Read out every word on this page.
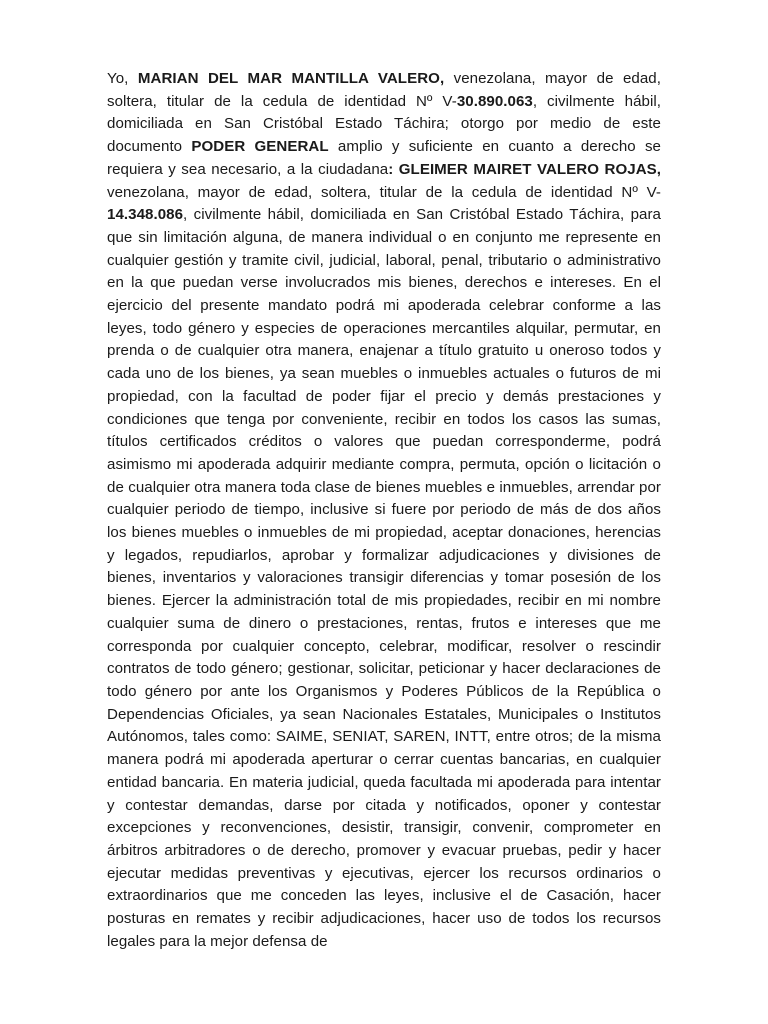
Yo, MARIAN DEL MAR MANTILLA VALERO, venezolana, mayor de edad, soltera, titular de la cedula de identidad Nº V-30.890.063, civilmente hábil, domiciliada en San Cristóbal Estado Táchira; otorgo por medio de este documento PODER GENERAL amplio y suficiente en cuanto a derecho se requiera y sea necesario, a la ciudadana: GLEIMER MAIRET VALERO ROJAS, venezolana, mayor de edad, soltera, titular de la cedula de identidad Nº V-14.348.086, civilmente hábil, domiciliada en San Cristóbal Estado Táchira, para que sin limitación alguna, de manera individual o en conjunto me represente en cualquier gestión y tramite civil, judicial, laboral, penal, tributario o administrativo en la que puedan verse involucrados mis bienes, derechos e intereses. En el ejercicio del presente mandato podrá mi apoderada celebrar conforme a las leyes, todo género y especies de operaciones mercantiles alquilar, permutar, en prenda o de cualquier otra manera, enajenar a título gratuito u oneroso todos y cada uno de los bienes, ya sean muebles o inmuebles actuales o futuros de mi propiedad, con la facultad de poder fijar el precio y demás prestaciones y condiciones que tenga por conveniente, recibir en todos los casos las sumas, títulos certificados créditos o valores que puedan corresponderme, podrá asimismo mi apoderada adquirir mediante compra, permuta, opción o licitación o de cualquier otra manera toda clase de bienes muebles e inmuebles, arrendar por cualquier periodo de tiempo, inclusive si fuere por periodo de más de dos años los bienes muebles o inmuebles de mi propiedad, aceptar donaciones, herencias y legados, repudiarlos, aprobar y formalizar adjudicaciones y divisiones de bienes, inventarios y valoraciones transigir diferencias y tomar posesión de los bienes. Ejercer la administración total de mis propiedades, recibir en mi nombre cualquier suma de dinero o prestaciones, rentas, frutos e intereses que me corresponda por cualquier concepto, celebrar, modificar, resolver o rescindir contratos de todo género; gestionar, solicitar, peticionar y hacer declaraciones de todo género por ante los Organismos y Poderes Públicos de la República o Dependencias Oficiales, ya sean Nacionales Estatales, Municipales o Institutos Autónomos, tales como: SAIME, SENIAT, SAREN, INTT, entre otros; de la misma manera podrá mi apoderada aperturar o cerrar cuentas bancarias, en cualquier entidad bancaria. En materia judicial, queda facultada mi apoderada para intentar y contestar demandas, darse por citada y notificados, oponer y contestar excepciones y reconvenciones, desistir, transigir, convenir, comprometer en árbitros arbitradores o de derecho, promover y evacuar pruebas, pedir y hacer ejecutar medidas preventivas y ejecutivas, ejercer los recursos ordinarios o extraordinarios que me conceden las leyes, inclusive el de Casación, hacer posturas en remates y recibir adjudicaciones, hacer uso de todos los recursos legales para la mejor defensa de
